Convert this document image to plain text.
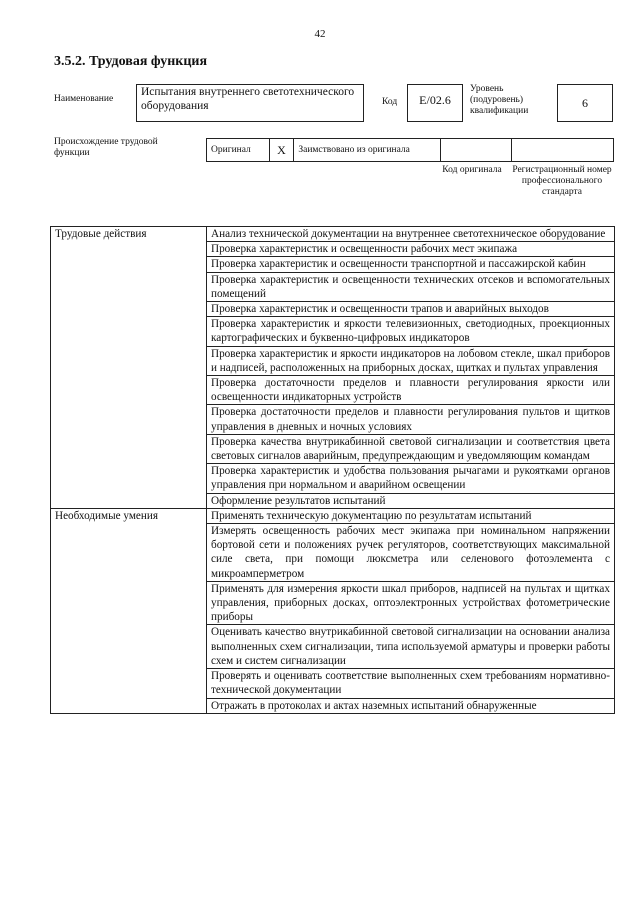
42
3.5.2. Трудовая функция
Наименование
Испытания внутреннего светотехнического оборудования	Код	E/02.6
Уровень (подуровень) квалификации
6
Происхождение трудовой функции	Оригинал	X	Заимствовано из оригинала
Код оригинала Регистрационный номер профессионального стандарта
Трудовые действия	Анализ технической документации на внутреннее светотехническое оборудование
	Проверка характеристик и освещенности рабочих мест экипажа
	Проверка характеристик и освещенности транспортной и пассажирской кабин
	Проверка характеристик и освещенности технических отсеков и вспомогательных помещений
	Проверка характеристик и освещенности трапов и аварийных выходов
	Проверка характеристик и яркости телевизионных, светодиодных, проекционных картографических и буквенно-цифровых индикаторов
	Проверка характеристик и яркости индикаторов на лобовом стекле, шкал приборов и надписей, расположенных на приборных досках, щитках и пультах управления
	Проверка достаточности пределов и плавности регулирования яркости или освещенности индикаторных устройств
	Проверка достаточности пределов и плавности регулирования пультов и щитков управления в дневных и ночных условиях
	Проверка качества внутрикабинной световой сигнализации и соответствия цвета световых сигналов аварийным, предупреждающим и уведомляющим командам
	Проверка характеристик и удобства пользования рычагами и рукоятками органов управления при нормальном и аварийном освещении
	Оформление результатов испытаний
Необходимые умения	Применять техническую документацию по результатам испытаний
	Измерять освещенность рабочих мест экипажа при номинальном напряжении бортовой сети и положениях ручек регуляторов, соответствующих максимальной силе света, при помощи люксметра или селенового фотоэлемента с микроамперметром
	Применять для измерения яркости шкал приборов, надписей на пультах и щитках управления, приборных досках, оптоэлектронных устройствах фотометрические приборы
	Оценивать качество внутрикабинной световой сигнализации на основании анализа выполненных схем сигнализации, типа используемой арматуры и проверки работы схем и систем сигнализации
	Проверять и оценивать соответствие выполненных схем требованиям нормативно-технической документации
	Отражать в протоколах и актах наземных испытаний обнаруженные
